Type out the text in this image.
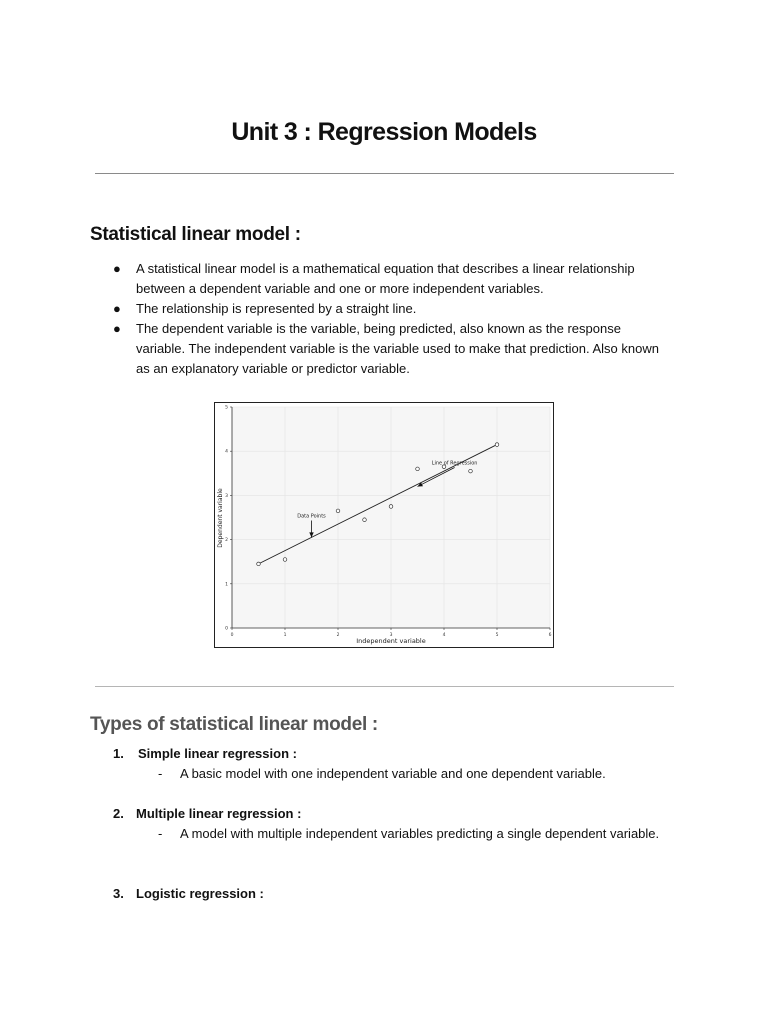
Unit 3 : Regression Models
Statistical linear model :
● A statistical linear model is a mathematical equation that describes a linear relationship between a dependent variable and one or more independent variables.
● The relationship is represented by a straight line.
● The dependent variable is the variable, being predicted, also known as the response variable. The independent variable is the variable used to make that prediction. Also known as an explanatory variable or predictor variable.
0	1	2	3	4	5	6
0
1
2
3
4
5
Data Points
Line of Regression
Independent variable
Dependent variable
Types of statistical linear model :
1. Simple linear regression :
-	A basic model with one independent variable and one dependent variable.
2. Multiple linear regression :
-	A model with multiple independent variables predicting a single dependent variable.
3. Logistic regression :
